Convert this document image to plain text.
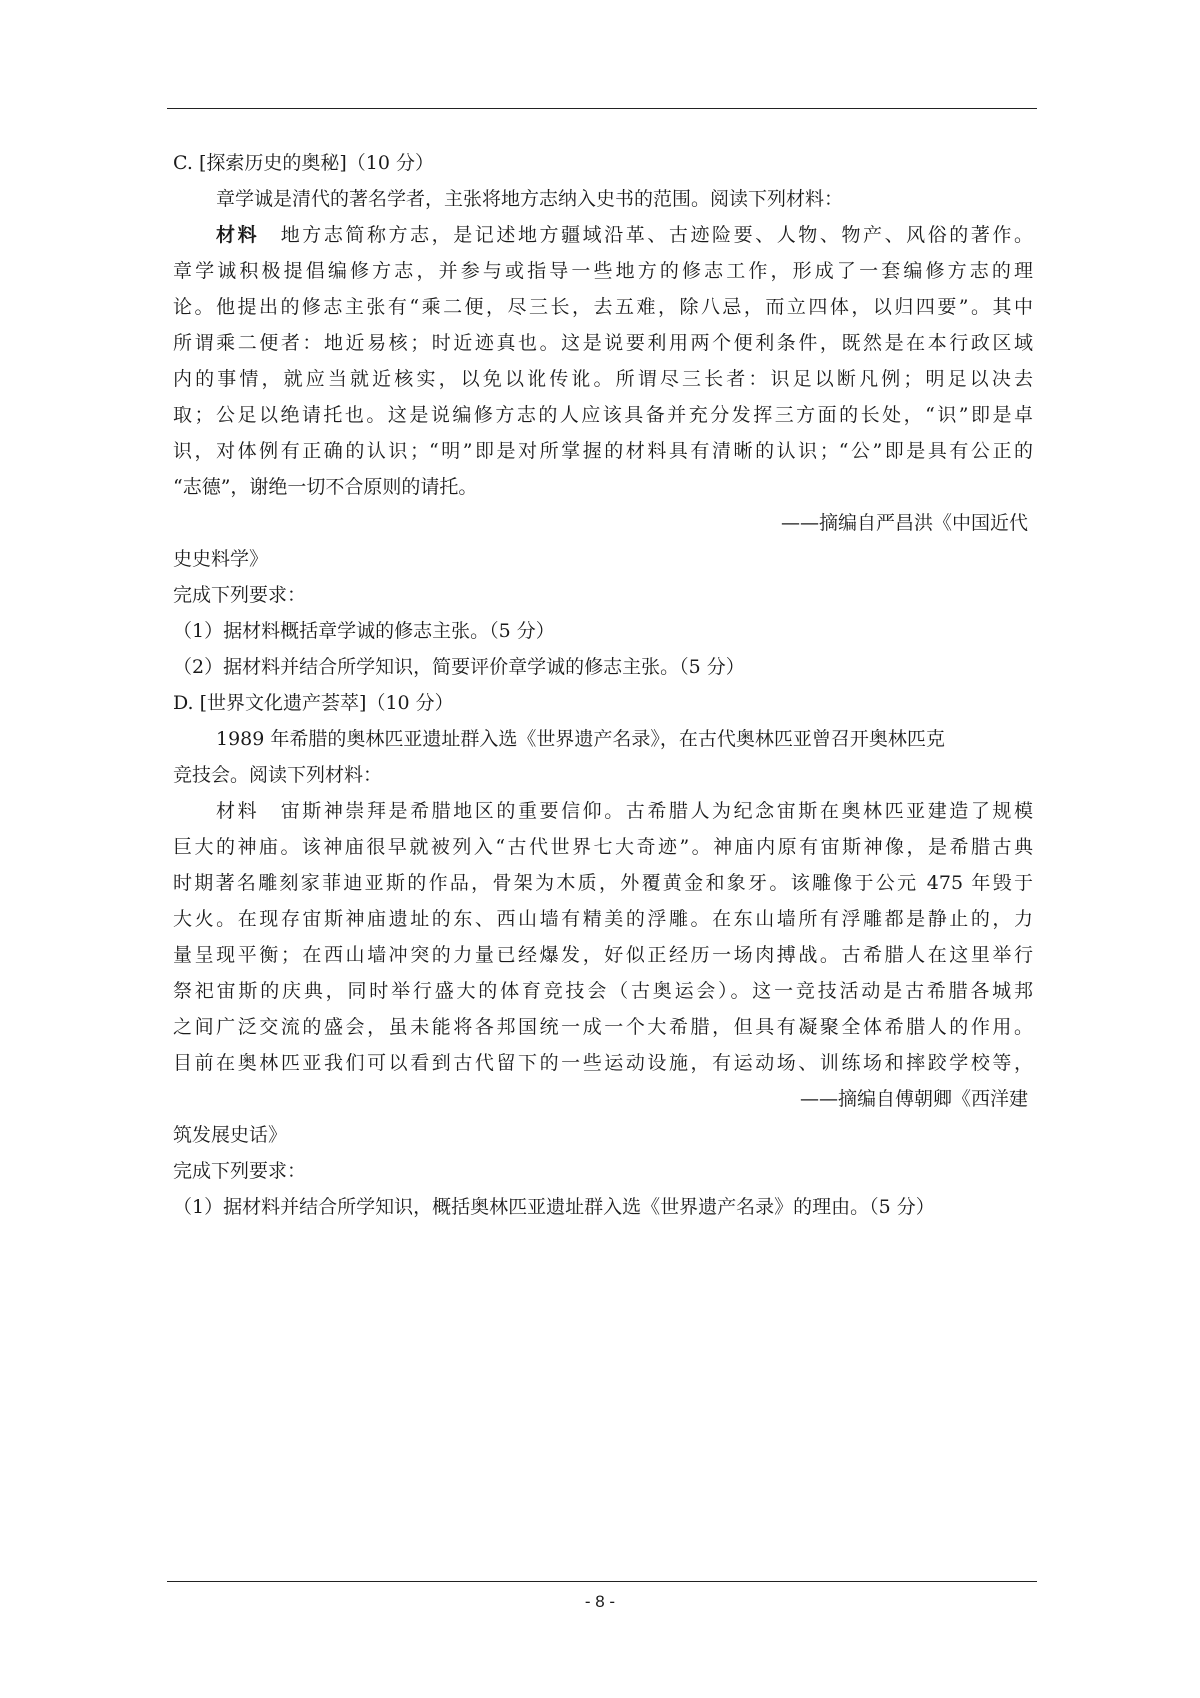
C. [探索历史的奥秘]（10 分）
章学诚是清代的著名学者，主张将地方志纳入史书的范围。阅读下列材料：
材料 地方志简称方志，是记述地方疆域沿革、古迹险要、人物、物产、风俗的著作。
章学诚积极提倡编修方志，并参与或指导一些地方的修志工作，形成了一套编修方志的理
论。他提出的修志主张有“乘二便，尽三长，去五难，除八忌，而立四体，以归四要”。其中
所谓乘二便者：地近易核；时近迹真也。这是说要利用两个便利条件，既然是在本行政区域
内的事情，就应当就近核实，以免以讹传讹。所谓尽三长者：识足以断凡例；明足以决去
取；公足以绝请托也。这是说编修方志的人应该具备并充分发挥三方面的长处，“识”即是卓
识，对体例有正确的认识；“明”即是对所掌握的材料具有清晰的认识；“公”即是具有公正的
“志德”，谢绝一切不合原则的请托。
——摘编自严昌洪《中国近代
史史料学》
完成下列要求：
（1）据材料概括章学诚的修志主张。（5 分）
（2）据材料并结合所学知识，简要评价章学诚的修志主张。（5 分）
D. [世界文化遗产荟萃]（10 分）
1989 年希腊的奥林匹亚遗址群入选《世界遗产名录》，在古代奥林匹亚曾召开奥林匹克
竞技会。阅读下列材料：
材料 宙斯神崇拜是希腊地区的重要信仰。古希腊人为纪念宙斯在奥林匹亚建造了规模
巨大的神庙。该神庙很早就被列入“古代世界七大奇迹”。神庙内原有宙斯神像，是希腊古典
时期著名雕刻家菲迪亚斯的作品，骨架为木质，外覆黄金和象牙。该雕像于公元 475 年毁于
大火。在现存宙斯神庙遗址的东、西山墙有精美的浮雕。在东山墙所有浮雕都是静止的，力
量呈现平衡；在西山墙冲突的力量已经爆发，好似正经历一场肉搏战。古希腊人在这里举行
祭祀宙斯的庆典，同时举行盛大的体育竞技会（古奥运会）。这一竞技活动是古希腊各城邦
之间广泛交流的盛会，虽未能将各邦国统一成一个大希腊，但具有凝聚全体希腊人的作用。
目前在奥林匹亚我们可以看到古代留下的一些运动设施，有运动场、训练场和摔跤学校等，
——摘编自傅朝卿《西洋建
筑发展史话》
完成下列要求：
（1）据材料并结合所学知识，概括奥林匹亚遗址群入选《世界遗产名录》的理由。（5 分）
- 8 -
